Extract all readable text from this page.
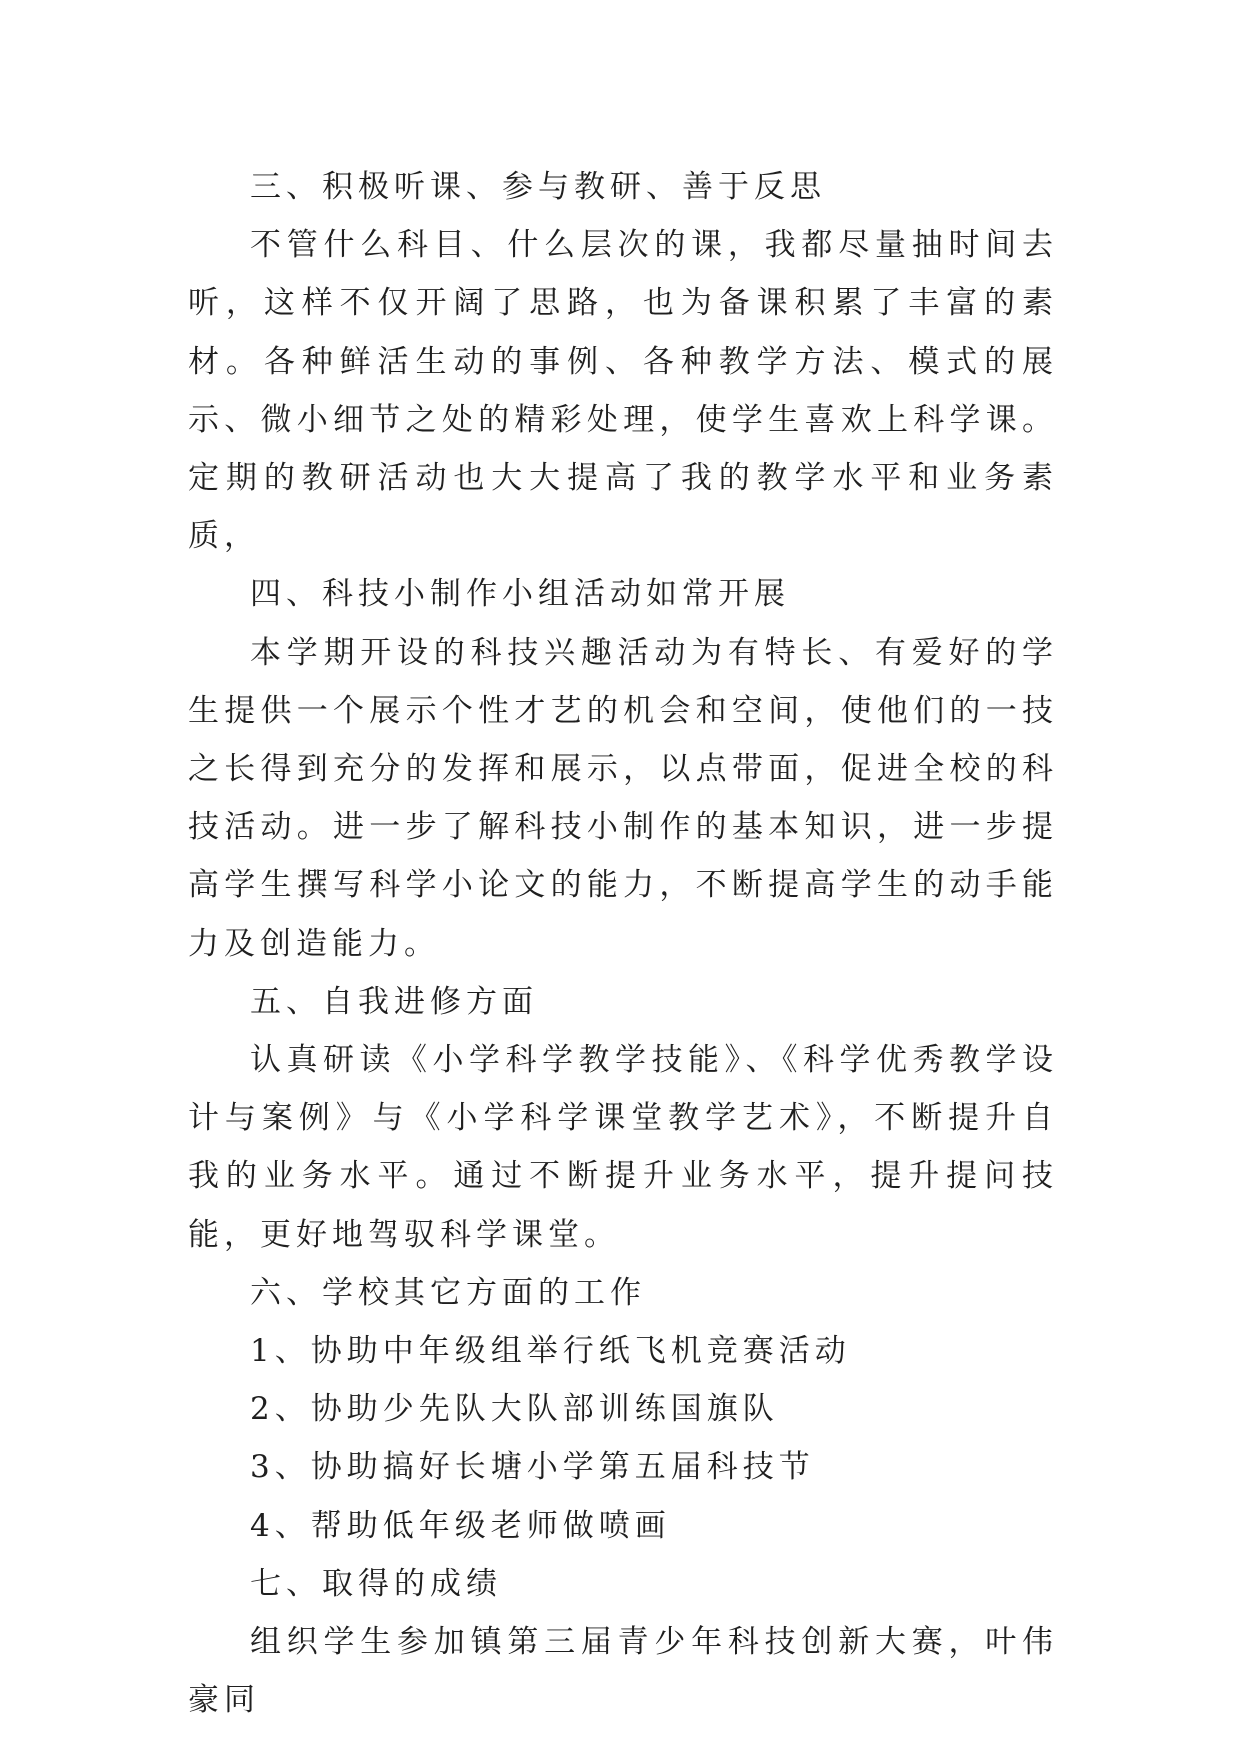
三、积极听课、参与教研、善于反思

不管什么科目、什么层次的课，我都尽量抽时间去听，这样不仅开阔了思路，也为备课积累了丰富的素材。各种鲜活生动的事例、各种教学方法、模式的展示、微小细节之处的精彩处理，使学生喜欢上科学课。定期的教研活动也大大提高了我的教学水平和业务素质，

四、科技小制作小组活动如常开展

本学期开设的科技兴趣活动为有特长、有爱好的学生提供一个展示个性才艺的机会和空间，使他们的一技之长得到充分的发挥和展示，以点带面，促进全校的科技活动。进一步了解科技小制作的基本知识，进一步提高学生撰写科学小论文的能力，不断提高学生的动手能力及创造能力。

五、自我进修方面

认真研读《小学科学教学技能》、《科学优秀教学设计与案例》与《小学科学课堂教学艺术》，不断提升自我的业务水平。通过不断提升业务水平，提升提问技能，更好地驾驭科学课堂。

六、学校其它方面的工作

1、协助中年级组举行纸飞机竞赛活动

2、协助少先队大队部训练国旗队

3、协助搞好长塘小学第五届科技节

4、帮助低年级老师做喷画

七、取得的成绩

组织学生参加镇第三届青少年科技创新大赛，叶伟豪同
